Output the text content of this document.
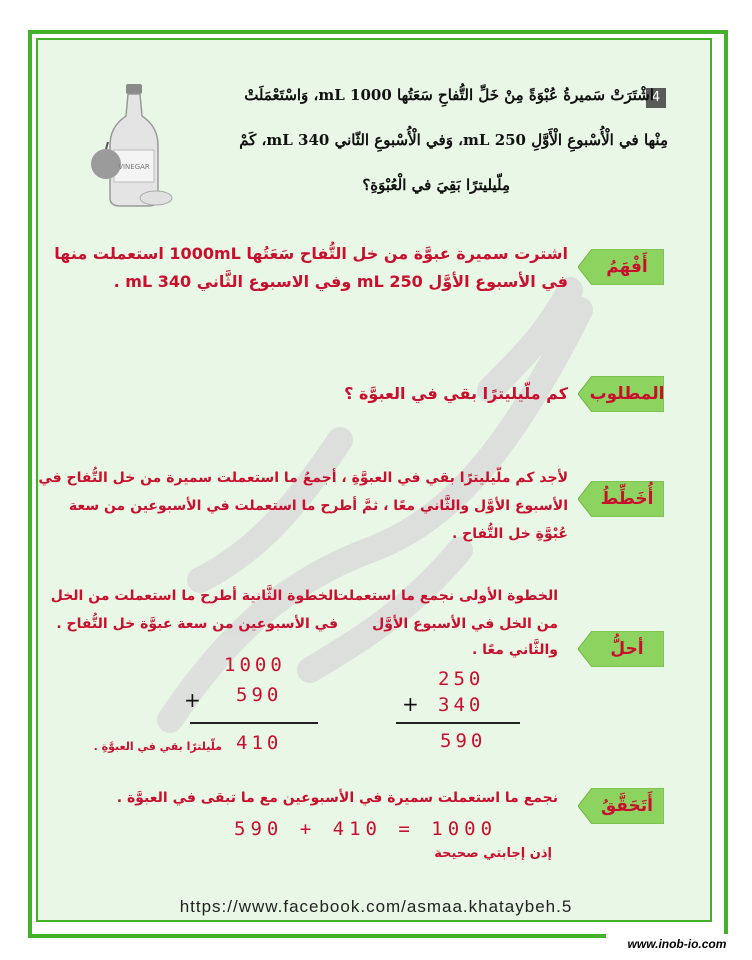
4
اشْتَرَتْ سَميرةُ عُبْوَةً مِنْ خَلِّ التُّفاحِ سَعَتُها 1000 mL، وَاسْتَعْمَلَتْ
مِنْها في الْأُسْبوعِ الْأَوَّلِ 250 mL، وَفي الْأُسْبوعِ الثّاني 340 mL، كَمْ
مِلّيليترًا بَقِيَ في الْعُبْوَةِ؟
VINEGAR
أَفْهَمُ
اشترت سميرة عبوَّة من خل التُّفاح سَعَتُها 1000mL استعملت منها
في الأسبوع الأوَّل 250 mL وفي الاسبوع الثَّاني 340 mL .
المطلوب
كم ملّيليترًا بقي في العبوَّة ؟
أُخَطِّطُ
لأجد كم ملّيليترًا بقي في العبوَّةِ ، أجمعُ ما استعملت سميرة من خل التُّفاح في
الأسبوع الأوَّل والثَّاني معًا ، ثمَّ أطرح ما استعملت في الأسبوعين من سعة
عُبْوَّةِ خل التُّفاح .
أحلُّ
الخطوة الأولى نجمع ما استعملت
من الخل في الأسبوع الأوَّل
والثَّاني معًا .
الخطوة الثَّانية أطرح ما استعملت من الخل
في الأسبوعين من سعة عبوَّة خل التُّفاح .
250
+ 340
590
1000
+ 590
410
ملّيلترًا بقي في العبوَّةِ .
أَتَحَقَّقُ
نجمع ما استعملت سميرة في الأسبوعين مع ما تبقى في العبوَّة .
590 + 410 = 1000
إذن إجابتي صحيحة
https://www.facebook.com/asmaa.khataybeh.5
www.inob-io.com
